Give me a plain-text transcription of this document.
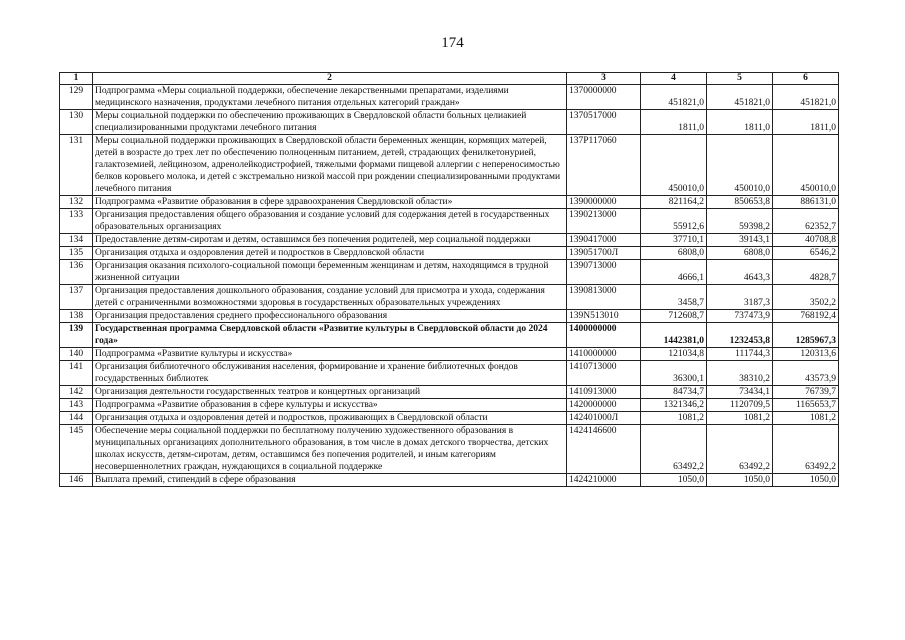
174
1	2	3	4	5	6
129	Подпрограмма «Меры социальной поддержки, обеспечение лекарственными препаратами, изделиями медицинского назначения, продуктами лечебного питания отдельных категорий граждан»	1370000000	451821,0	451821,0	451821,0
130	Меры социальной поддержки по обеспечению проживающих в Свердловской области больных целиакией специализированными продуктами лечебного питания	1370517000	1811,0	1811,0	1811,0
131	Меры социальной поддержки проживающих в Свердловской области беременных женщин, кормящих матерей, детей в возрасте до трех лет по обеспечению полноценным питанием, детей, страдающих фенилкетонурией, галактоземией, лейцинозом, адренолейкодистрофией, тяжелыми формами пищевой аллергии с непереносимостью белков коровьего молока, и детей с экстремально низкой массой при рождении специализированными продуктами лечебного питания	137P117060	450010,0	450010,0	450010,0
132	Подпрограмма «Развитие образования в сфере здравоохранения Свердловской области»	1390000000	821164,2	850653,8	886131,0
133	Организация предоставления общего образования и создание условий для содержания детей в государственных образовательных организациях	1390213000	55912,6	59398,2	62352,7
134	Предоставление детям-сиротам и детям, оставшимся без попечения родителей, мер социальной поддержки	1390417000	37710,1	39143,1	40708,8
135	Организация отдыха и оздоровления детей и подростков в Свердловской области	139051700Л	6808,0	6808,0	6546,2
136	Организация оказания психолого-социальной помощи беременным женщинам и детям, находящимся в трудной жизненной ситуации	1390713000	4666,1	4643,3	4828,7
137	Организация предоставления дошкольного образования, создание условий для присмотра и ухода, содержания детей с ограниченными возможностями здоровья в государственных образовательных учреждениях	1390813000	3458,7	3187,3	3502,2
138	Организация предоставления среднего профессионального образования	139N513010	712608,7	737473,9	768192,4
139	Государственная программа Свердловской области «Развитие культуры в Свердловской области до 2024 года»	1400000000	1442381,0	1232453,8	1285967,3
140	Подпрограмма «Развитие культуры и искусства»	1410000000	121034,8	111744,3	120313,6
141	Организация библиотечного обслуживания населения, формирование и хранение библиотечных фондов государственных библиотек	1410713000	36300,1	38310,2	43573,9
142	Организация деятельности государственных театров и концертных организаций	1410913000	84734,7	73434,1	76739,7
143	Подпрограмма «Развитие образования в сфере культуры и искусства»	1420000000	1321346,2	1120709,5	1165653,7
144	Организация отдыха и оздоровления детей и подростков, проживающих в Свердловской области	142401000Л	1081,2	1081,2	1081,2
145	Обеспечение меры социальной поддержки по бесплатному получению художественного образования в муниципальных организациях дополнительного образования, в том числе в домах детского творчества, детских школах искусств, детям-сиротам, детям, оставшимся без попечения родителей, и иным категориям несовершеннолетних граждан, нуждающихся в социальной поддержке	1424146600	63492,2	63492,2	63492,2
146	Выплата премий, стипендий в сфере образования	1424210000	1050,0	1050,0	1050,0
